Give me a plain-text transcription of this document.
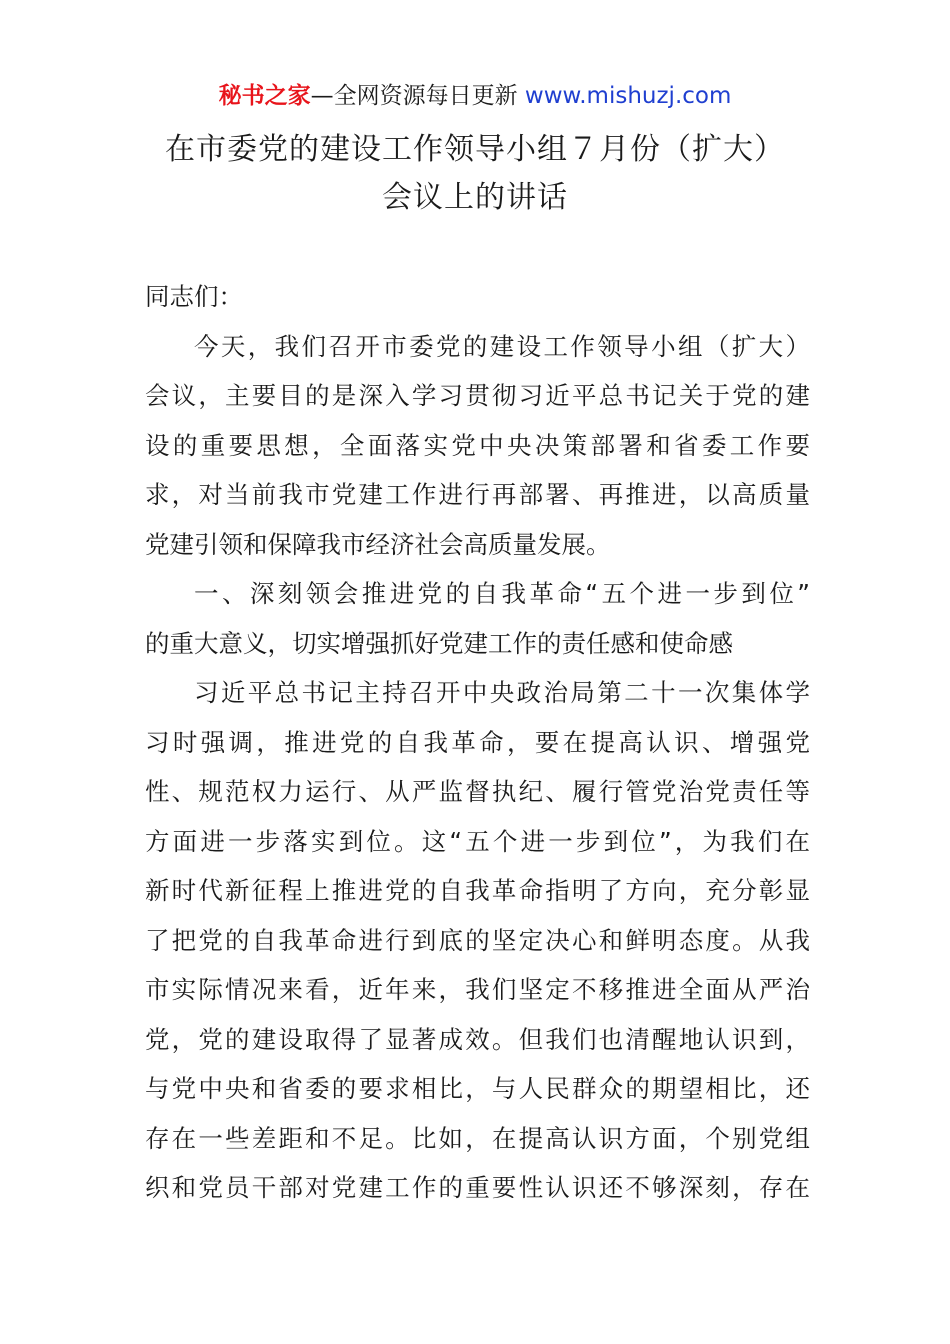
秘书之家—全网资源每日更新 www.mishuzj.com
在市委党的建设工作领导小组７月份（扩大）
会议上的讲话
同志们：
今天，我们召开市委党的建设工作领导小组（扩大）
会议，主要目的是深入学习贯彻习近平总书记关于党的建
设的重要思想，全面落实党中央决策部署和省委工作要
求，对当前我市党建工作进行再部署、再推进，以高质量
党建引领和保障我市经济社会高质量发展。
一、深刻领会推进党的自我革命“五个进一步到位”
的重大意义，切实增强抓好党建工作的责任感和使命感
习近平总书记主持召开中央政治局第二十一次集体学
习时强调，推进党的自我革命，要在提高认识、增强党
性、规范权力运行、从严监督执纪、履行管党治党责任等
方面进一步落实到位。这“五个进一步到位”，为我们在
新时代新征程上推进党的自我革命指明了方向，充分彰显
了把党的自我革命进行到底的坚定决心和鲜明态度。从我
市实际情况来看，近年来，我们坚定不移推进全面从严治
党，党的建设取得了显著成效。但我们也清醒地认识到，
与党中央和省委的要求相比，与人民群众的期望相比，还
存在一些差距和不足。比如，在提高认识方面，个别党组
织和党员干部对党建工作的重要性认识还不够深刻，存在
